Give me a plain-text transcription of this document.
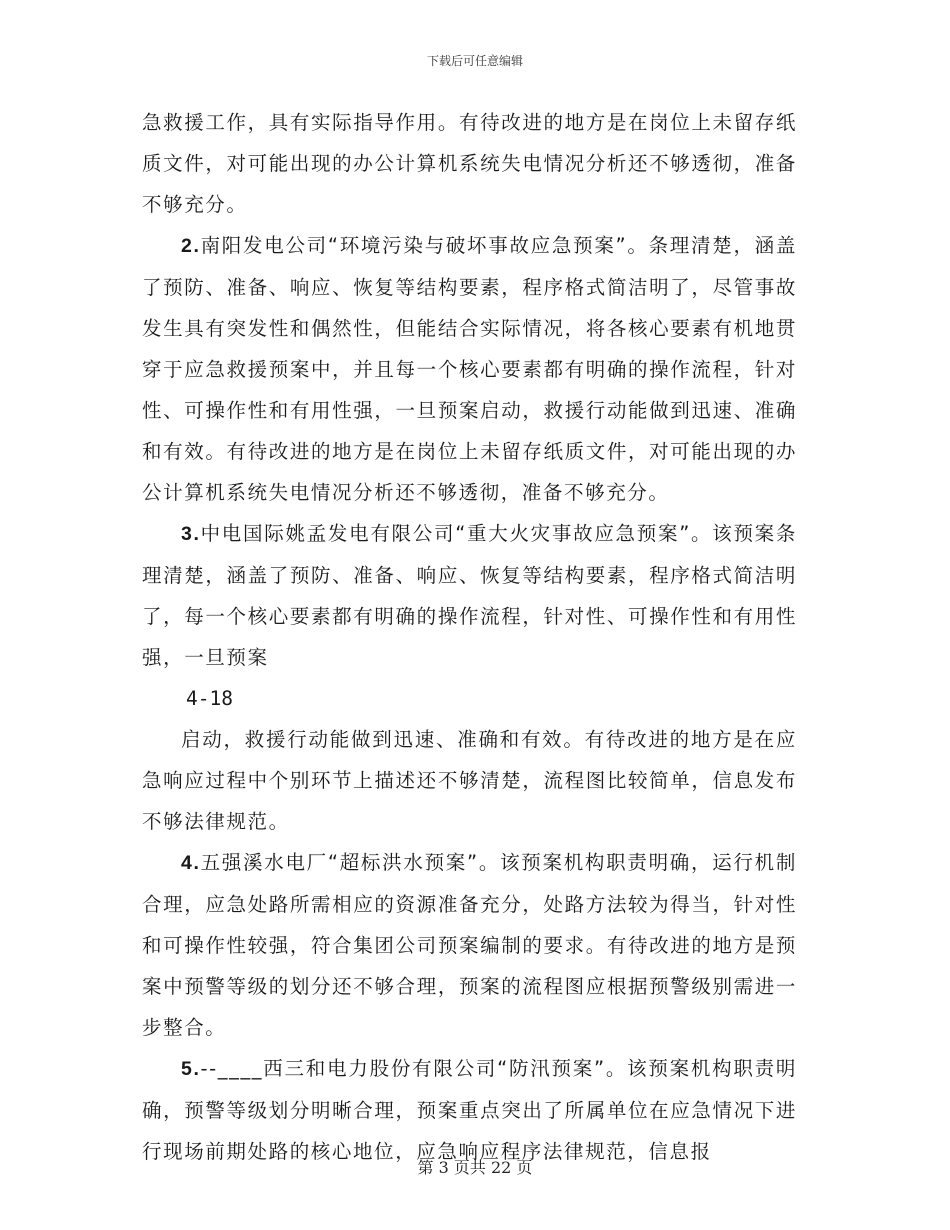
下载后可任意编辑

急救援工作，具有实际指导作用。有待改进的地方是在岗位上未留存纸质文件，对可能出现的办公计算机系统失电情况分析还不够透彻，准备不够充分。

2.南阳发电公司“环境污染与破坏事故应急预案”。条理清楚，涵盖了预防、准备、响应、恢复等结构要素，程序格式简洁明了，尽管事故发生具有突发性和偶然性，但能结合实际情况，将各核心要素有机地贯穿于应急救援预案中，并且每一个核心要素都有明确的操作流程，针对性、可操作性和有用性强，一旦预案启动，救援行动能做到迅速、准确和有效。有待改进的地方是在岗位上未留存纸质文件，对可能出现的办公计算机系统失电情况分析还不够透彻，准备不够充分。

3.中电国际姚孟发电有限公司“重大火灾事故应急预案”。该预案条理清楚，涵盖了预防、准备、响应、恢复等结构要素，程序格式简洁明了，每一个核心要素都有明确的操作流程，针对性、可操作性和有用性强，一旦预案

4-18

启动，救援行动能做到迅速、准确和有效。有待改进的地方是在应急响应过程中个别环节上描述还不够清楚，流程图比较简单，信息发布不够法律规范。

4.五强溪水电厂“超标洪水预案”。该预案机构职责明确，运行机制合理，应急处路所需相应的资源准备充分，处路方法较为得当，针对性和可操作性较强，符合集团公司预案编制的要求。有待改进的地方是预案中预警等级的划分还不够合理，预案的流程图应根据预警级别需进一步整合。

5.--____西三和电力股份有限公司“防汛预案”。该预案机构职责明确，预警等级划分明晰合理，预案重点突出了所属单位在应急情况下进行现场前期处路的核心地位，应急响应程序法律规范，信息报

第 3 页共 22 页
